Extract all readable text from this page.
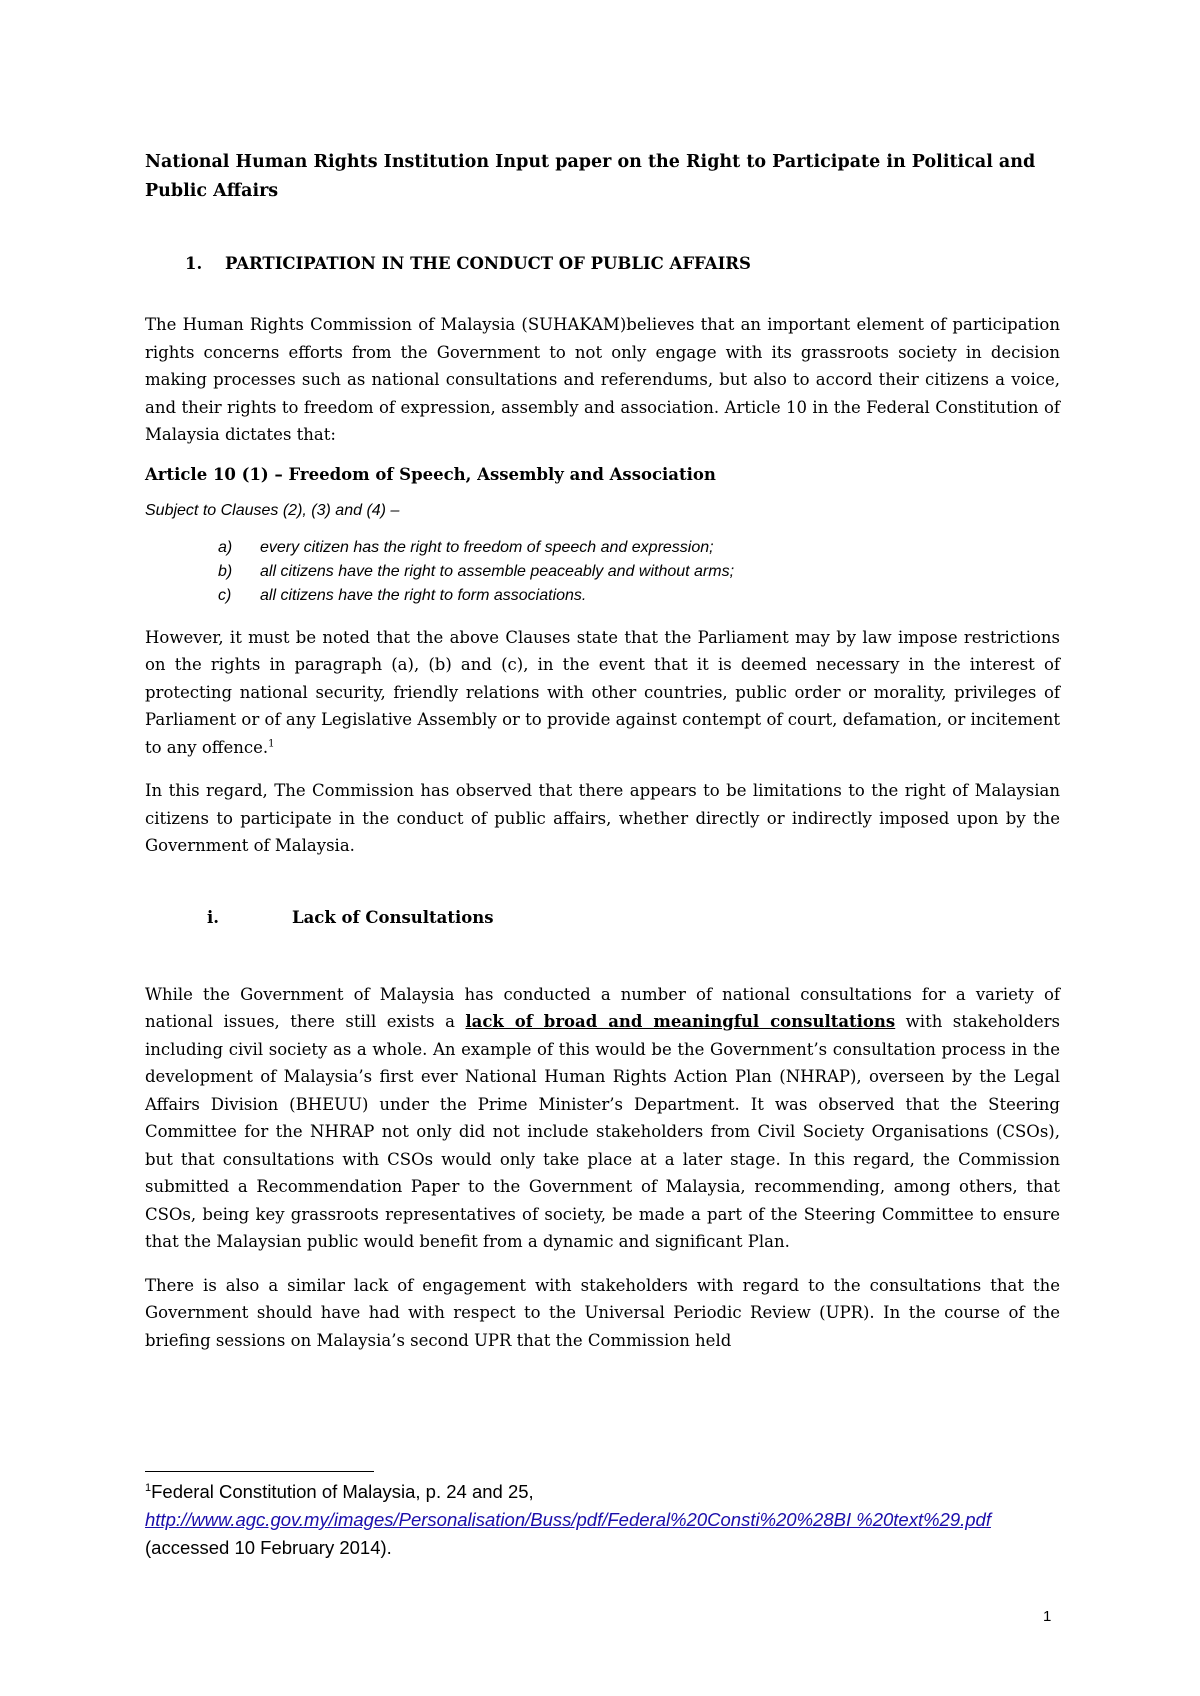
National Human Rights Institution Input paper on the Right to Participate in Political and Public Affairs

1.	PARTICIPATION IN THE CONDUCT OF PUBLIC AFFAIRS

The Human Rights Commission of Malaysia (SUHAKAM)believes that an important element of participation rights concerns efforts from the Government to not only engage with its grassroots society in decision making processes such as national consultations and referendums, but also to accord their citizens a voice, and their rights to freedom of expression, assembly and association. Article 10 in the Federal Constitution of Malaysia dictates that:

Article 10 (1) – Freedom of Speech, Assembly and Association

Subject to Clauses (2), (3) and (4) –

a)	every citizen has the right to freedom of speech and expression;
b)	all citizens have the right to assemble peaceably and without arms;
c)	all citizens have the right to form associations.

However, it must be noted that the above Clauses state that the Parliament may by law impose restrictions on the rights in paragraph (a), (b) and (c), in the event that it is deemed necessary in the interest of protecting national security, friendly relations with other countries, public order or morality, privileges of Parliament or of any Legislative Assembly or to provide against contempt of court, defamation, or incitement to any offence.$^1$

In this regard, The Commission has observed that there appears to be limitations to the right of Malaysian citizens to participate in the conduct of public affairs, whether directly or indirectly imposed upon by the Government of Malaysia.

i.	Lack of Consultations

While the Government of Malaysia has conducted a number of national consultations for a variety of national issues, there still exists a lack of broad and meaningful consultations with stakeholders including civil society as a whole. An example of this would be the Government’s consultation process in the development of Malaysia’s first ever National Human Rights Action Plan (NHRAP), overseen by the Legal Affairs Division (BHEUU) under the Prime Minister’s Department. It was observed that the Steering Committee for the NHRAP not only did not include stakeholders from Civil Society Organisations (CSOs), but that consultations with CSOs would only take place at a later stage. In this regard, the Commission submitted a Recommendation Paper to the Government of Malaysia, recommending, among others, that CSOs, being key grassroots representatives of society, be made a part of the Steering Committee to ensure that the Malaysian public would benefit from a dynamic and significant Plan.

There is also a similar lack of engagement with stakeholders with regard to the consultations that the Government should have had with respect to the Universal Periodic Review (UPR). In the course of the briefing sessions on Malaysia’s second UPR that the Commission held

$^1$Federal Constitution of Malaysia, p. 24 and 25,
http://www.agc.gov.my/images/Personalisation/Buss/pdf/Federal%20Consti%20%28BI %20text%29.pdf (accessed 10 February 2014).

1
